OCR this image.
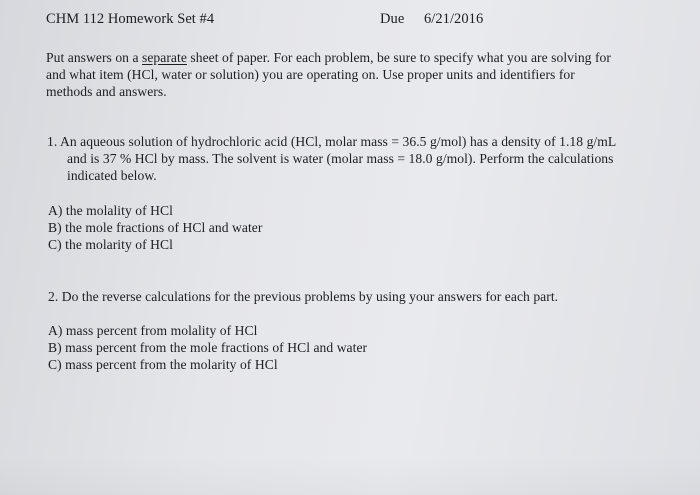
CHM 112 Homework Set #4	Due 6/21/2016
Put answers on a separate sheet of paper. For each problem, be sure to specify what you are solving for
and what item (HCl, water or solution) you are operating on. Use proper units and identifiers for
methods and answers.
1. An aqueous solution of hydrochloric acid (HCl, molar mass = 36.5 g/mol) has a density of 1.18 g/mL
and is 37 % HCl by mass. The solvent is water (molar mass = 18.0 g/mol). Perform the calculations
indicated below.
A) the molality of HCl
B) the mole fractions of HCl and water
C) the molarity of HCl
2. Do the reverse calculations for the previous problems by using your answers for each part.
A) mass percent from molality of HCl
B) mass percent from the mole fractions of HCl and water
C) mass percent from the molarity of HCl
